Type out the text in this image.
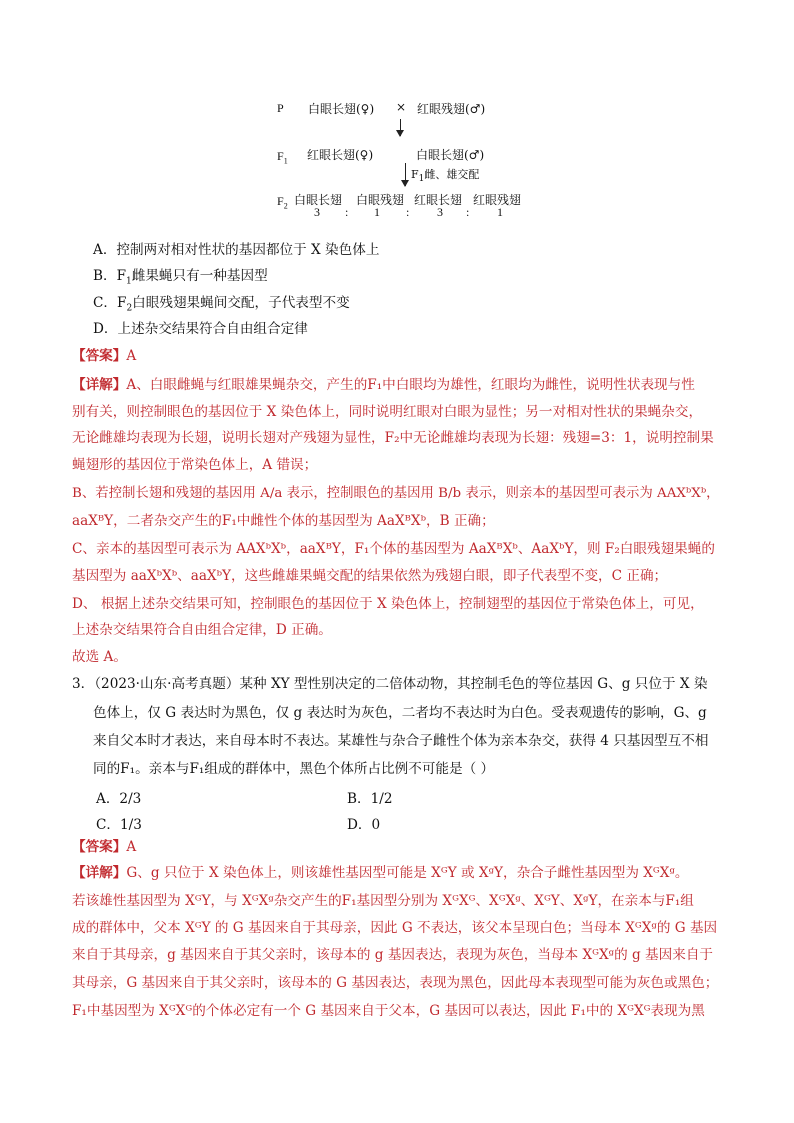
P 白眼长翅(♀) × 红眼残翅(♂)
$F_1$ 红眼长翅(♀)	白眼长翅(♂)
$F_1$雌、雄交配
$F_2$ 白眼长翅 白眼残翅 红眼长翅 红眼残翅
3 : 1 : 3 : 1
A．控制两对相对性状的基因都位于 X 染色体上
B．$F_1$雌果蝇只有一种基因型
C．$F_2$白眼残翅果蝇间交配，子代表型不变
D．上述杂交结果符合自由组合定律
【答案】A
【详解】A、白眼雌蝇与红眼雄果蝇杂交，产生的F₁中白眼均为雄性，红眼均为雌性，说明性状表现与性
别有关，则控制眼色的基因位于 X 染色体上，同时说明红眼对白眼为显性；另一对相对性状的果蝇杂交，
无论雌雄均表现为长翅，说明长翅对产残翅为显性，F₂中无论雌雄均表现为长翅：残翅=3：1，说明控制果
蝇翅形的基因位于常染色体上，A 错误；
B、若控制长翅和残翅的基因用 A/a 表示，控制眼色的基因用 B/b 表示，则亲本的基因型可表示为 AAXᵇXᵇ，
aaXᴮY，二者杂交产生的F₁中雌性个体的基因型为 AaXᴮXᵇ，B 正确；
C、亲本的基因型可表示为 AAXᵇXᵇ，aaXᴮY，F₁个体的基因型为 AaXᴮXᵇ、AaXᵇY，则 F₂白眼残翅果蝇的
基因型为 aaXᵇXᵇ、aaXᵇY，这些雌雄果蝇交配的结果依然为残翅白眼，即子代表型不变，C 正确；
D、 根据上述杂交结果可知，控制眼色的基因位于 X 染色体上，控制翅型的基因位于常染色体上，可见，
上述杂交结果符合自由组合定律，D 正确。
故选 A。
3．（2023·山东·高考真题）某种 XY 型性别决定的二倍体动物，其控制毛色的等位基因 G、g 只位于 X 染
色体上，仅 G 表达时为黑色，仅 g 表达时为灰色，二者均不表达时为白色。受表观遗传的影响，G、g
来自父本时才表达，来自母本时不表达。某雄性与杂合子雌性个体为亲本杂交，获得 4 只基因型互不相
同的F₁。亲本与F₁组成的群体中，黑色个体所占比例不可能是（ ）
A．2/3	B．1/2
C．1/3	D．0
【答案】A
【详解】G、g 只位于 X 染色体上，则该雄性基因型可能是 XᴳY 或 XᵍY，杂合子雌性基因型为 XᴳXᵍ。
若该雄性基因型为 XᴳY，与 XᴳXᵍ杂交产生的F₁基因型分别为 XᴳXᴳ、XᴳXᵍ、XᴳY、XᵍY，在亲本与F₁组
成的群体中，父本 XᴳY 的 G 基因来自于其母亲，因此 G 不表达，该父本呈现白色；当母本 XᴳXᵍ的 G 基因
来自于其母亲，g 基因来自于其父亲时，该母本的 g 基因表达，表现为灰色，当母本 XᴳXᵍ的 g 基因来自于
其母亲，G 基因来自于其父亲时，该母本的 G 基因表达，表现为黑色，因此母本表现型可能为灰色或黑色；
F₁中基因型为 XᴳXᴳ的个体必定有一个 G 基因来自于父本，G 基因可以表达，因此 F₁中的 XᴳXᴳ表现为黑
